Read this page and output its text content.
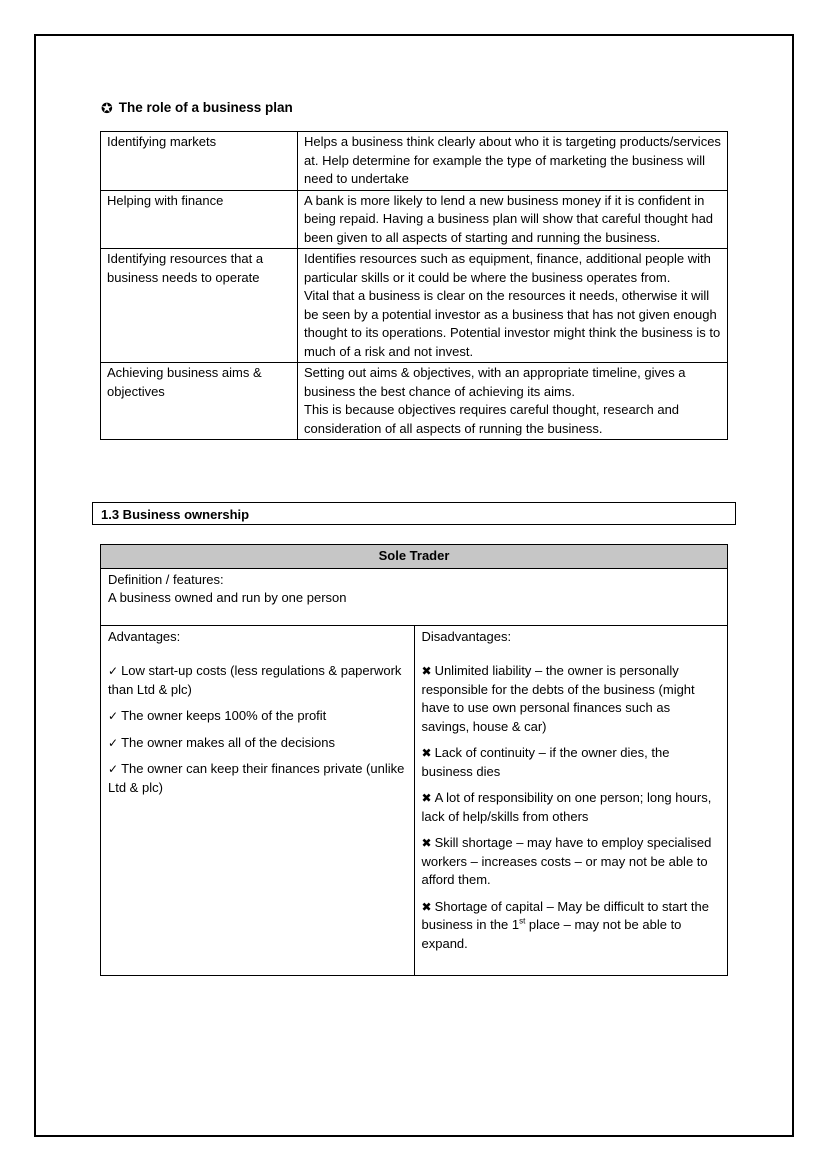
✪ The role of a business plan
Identifying markets	Helps a business think clearly about who it is targeting products/services at. Help determine for example the type of marketing the business will need to undertake

Helping with finance	A bank is more likely to lend a new business money if it is confident in being repaid. Having a business plan will show that careful thought had been given to all aspects of starting and running the business.

Identifying resources that a business needs to operate	Identifies resources such as equipment, finance, additional people with particular skills or it could be where the business operates from.

Vital that a business is clear on the resources it needs, otherwise it will be seen by a potential investor as a business that has not given enough thought to its operations. Potential investor might think the business is to much of a risk and not invest.

Achieving business aims & objectives	Setting out aims & objectives, with an appropriate timeline, gives a business the best chance of achieving its aims.

This is because objectives requires careful thought, research and consideration of all aspects of running the business.

1.3 Business ownership
Sole Trader

Definition / features:
A business owned and run by one person

Advantages:

✓ Low start-up costs (less regulations & paperwork than Ltd & plc)

✓ The owner keeps 100% of the profit

✓ The owner makes all of the decisions

✓ The owner can keep their finances private (unlike Ltd & plc)

Disadvantages:

✖ Unlimited liability – the owner is personally responsible for the debts of the business (might have to use own personal finances such as savings, house & car)

✖ Lack of continuity – if the owner dies, the business dies

✖ A lot of responsibility on one person; long hours, lack of help/skills from others

✖ Skill shortage – may have to employ specialised workers – increases costs – or may not be able to afford them.

✖ Shortage of capital – May be difficult to start the business in the 1st place – may not be able to expand.
